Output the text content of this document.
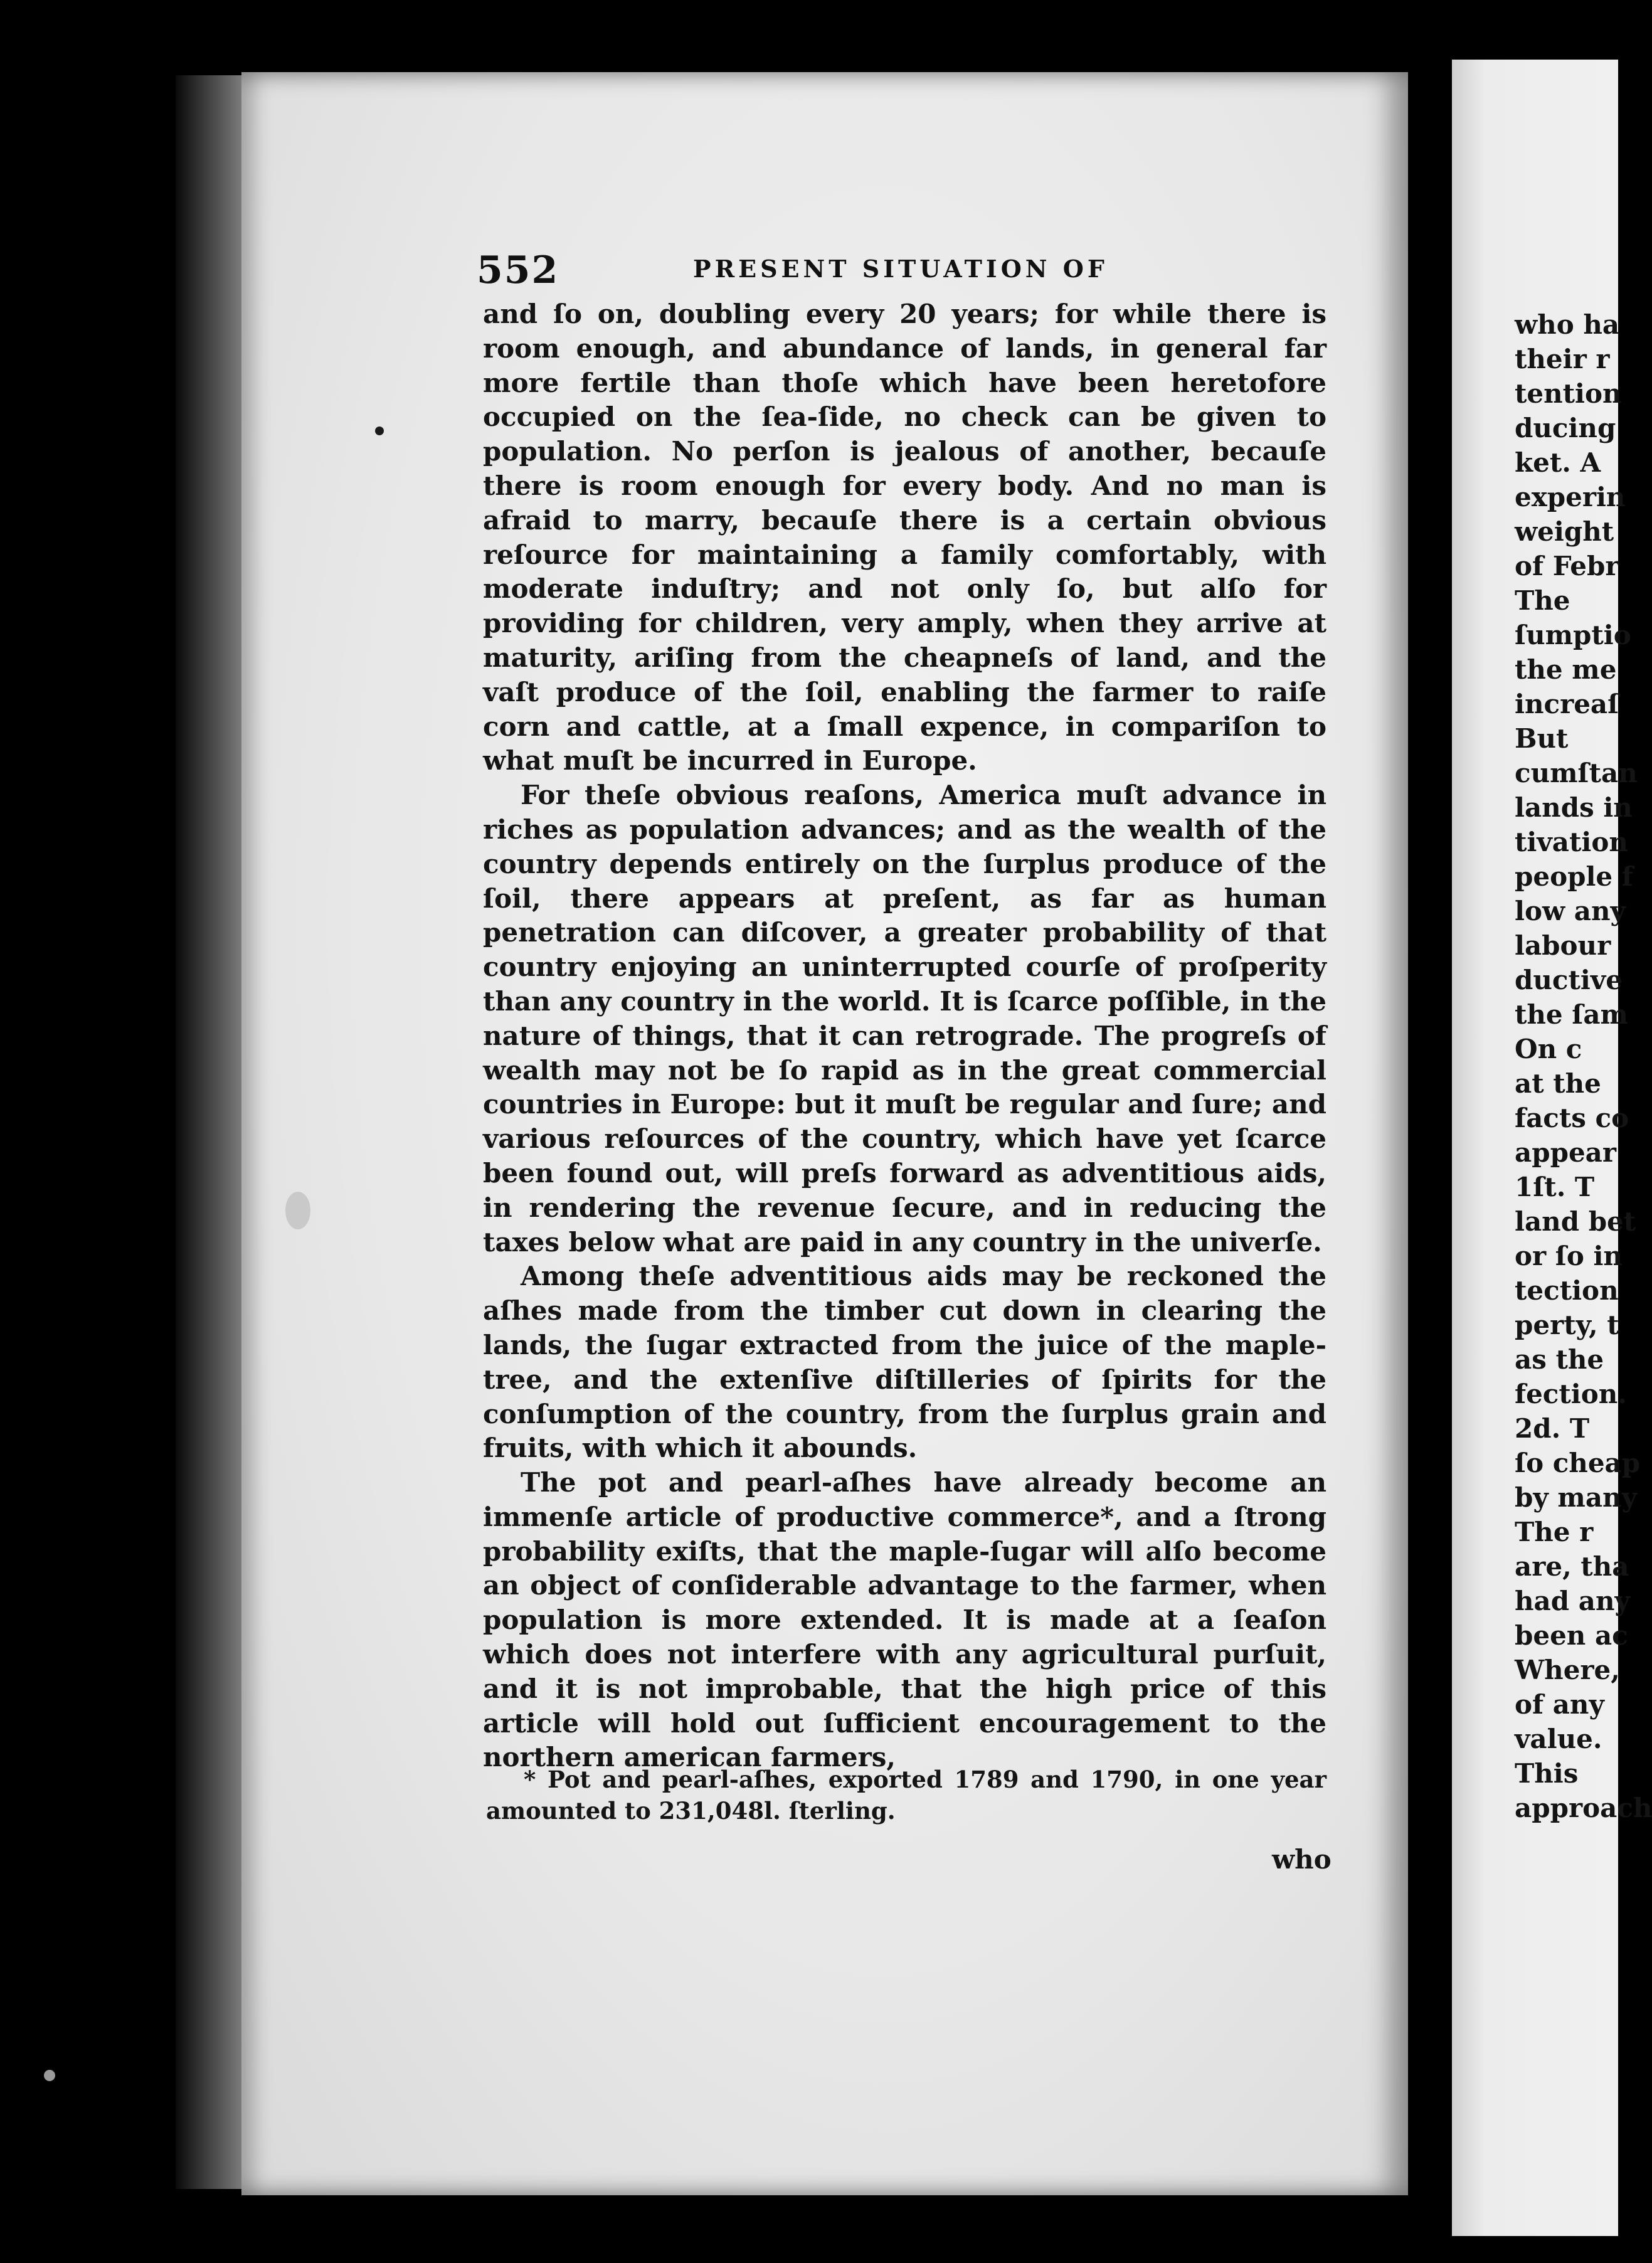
552	PRESENT SITUATION OF

and ſo on, doubling every 20 years; for while there is room enough, and abundance of lands, in general far more fertile than thoſe which have been heretofore occupied on the ſea-ſide, no check can be given to population. No perſon is jealous of another, becauſe there is room enough for every body. And no man is afraid to marry, becauſe there is a certain obvious reſource for maintaining a family comfortably, with moderate induſtry; and not only ſo, but alſo for providing for children, very amply, when they arrive at maturity, ariſing from the cheapneſs of land, and the vaſt produce of the ſoil, enabling the farmer to raiſe corn and cattle, at a ſmall expence, in compariſon to what muſt be incurred in Europe.

For theſe obvious reaſons, America muſt advance in riches as population advances; and as the wealth of the country depends entirely on the ſurplus produce of the ſoil, there appears at preſent, as far as human penetration can diſcover, a greater probability of that country enjoying an uninterrupted courſe of proſperity than any country in the world. It is ſcarce poſſible, in the nature of things, that it can retrograde. The progreſs of wealth may not be ſo rapid as in the great commercial countries in Europe: but it muſt be regular and ſure; and various reſources of the country, which have yet ſcarce been found out, will preſs forward as adventitious aids, in rendering the revenue ſecure, and in reducing the taxes below what are paid in any country in the univerſe.

Among theſe adventitious aids may be reckoned the aſhes made from the timber cut down in clearing the lands, the ſugar extracted from the juice of the maple-tree, and the extenſive diſtilleries of ſpirits for the conſumption of the country, from the ſurplus grain and fruits, with which it abounds.

The pot and pearl-aſhes have already become an immenſe article of productive commerce*, and a ſtrong probability exiſts, that the maple-ſugar will alſo become an object of conſiderable advantage to the farmer, when population is more extended. It is made at a ſeaſon which does not interfere with any agricultural purſuit, and it is not improbable, that the high price of this article will hold out ſufficient encouragement to the northern american farmers,

* Pot and pearl-aſhes, exported 1789 and 1790, in one year amounted to 231,048l. ſterling.
who
who ha
their r
tention
ducing
ket. A
experin
weight
of Febr
The
ſumptio
the me
increaſ
But
cumſtan
lands in
tivation
people f
low any
labour
ductive
the ſam
On c
at the
facts co
appear
1ſt. T
land bet
or ſo in
tection
perty, t
as the
fection.
2d. T
ſo cheap
by many
The r
are, tha
had any
been ac
Where,
of any
value.
This
approach
